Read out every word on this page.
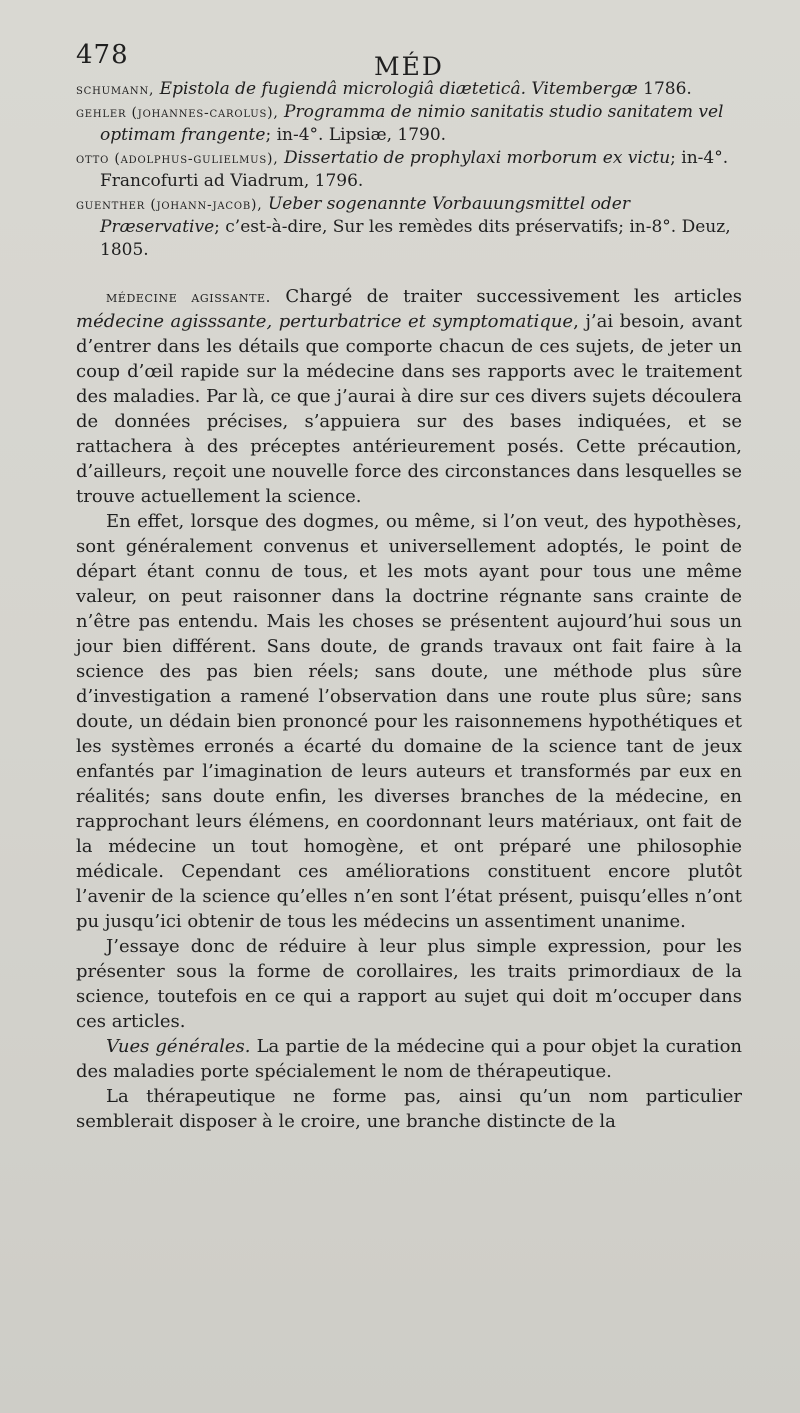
478	MÉD

schumann, Epistola de fugiendâ micrologiâ diæteticâ. Vitembergæ 1786.

gehler (johannes-carolus), Programma de nimio sanitatis studio sanitatem vel optimam frangente; in-4°. Lipsiæ, 1790.

otto (adolphus-gulielmus), Dissertatio de prophylaxi morborum ex victu; in-4°. Francofurti ad Viadrum, 1796.

guenther (johann-jacob), Ueber sogenannte Vorbauungsmittel oder Præservative; c’est-à-dire, Sur les remèdes dits préservatifs; in-8°. Deuz, 1805.

médecine agissante. Chargé de traiter successivement les articles médecine agisssante, perturbatrice et symptomatique, j’ai besoin, avant d’entrer dans les détails que comporte chacun de ces sujets, de jeter un coup d’œil rapide sur la médecine dans ses rapports avec le traitement des maladies. Par là, ce que j’aurai à dire sur ces divers sujets découlera de données précises, s’appuiera sur des bases indiquées, et se rattachera à des préceptes antérieurement posés. Cette précaution, d’ailleurs, reçoit une nouvelle force des circonstances dans lesquelles se trouve actuellement la science.

En effet, lorsque des dogmes, ou même, si l’on veut, des hypothèses, sont généralement convenus et universellement adoptés, le point de départ étant connu de tous, et les mots ayant pour tous une même valeur, on peut raisonner dans la doctrine régnante sans crainte de n’être pas entendu. Mais les choses se présentent aujourd’hui sous un jour bien différent. Sans doute, de grands travaux ont fait faire à la science des pas bien réels; sans doute, une méthode plus sûre d’investigation a ramené l’observation dans une route plus sûre; sans doute, un dédain bien prononcé pour les raisonnemens hypothétiques et les systèmes erronés a écarté du domaine de la science tant de jeux enfantés par l’imagination de leurs auteurs et transformés par eux en réalités; sans doute enfin, les diverses branches de la médecine, en rapprochant leurs élémens, en coordonnant leurs matériaux, ont fait de la médecine un tout homogène, et ont préparé une philosophie médicale. Cependant ces améliorations constituent encore plutôt l’avenir de la science qu’elles n’en sont l’état présent, puisqu’elles n’ont pu jusqu’ici obtenir de tous les médecins un assentiment unanime.

J’essaye donc de réduire à leur plus simple expression, pour les présenter sous la forme de corollaires, les traits primordiaux de la science, toutefois en ce qui a rapport au sujet qui doit m’occuper dans ces articles.

Vues générales. La partie de la médecine qui a pour objet la curation des maladies porte spécialement le nom de thérapeutique.

La thérapeutique ne forme pas, ainsi qu’un nom particulier semblerait disposer à le croire, une branche distincte de la
